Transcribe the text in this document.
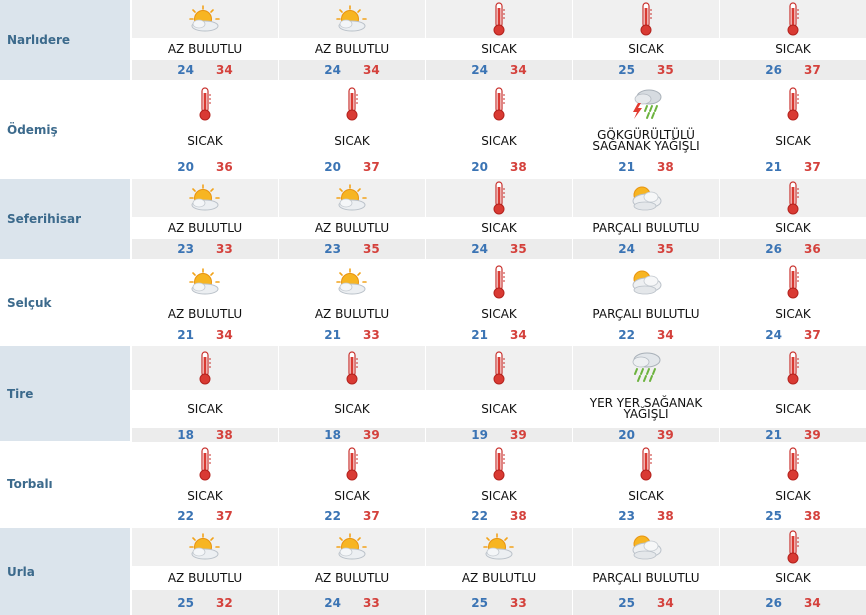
Narlıdere
AZ BULUTLU
24 34
AZ BULUTLU
24 34
SICAK
24 34
SICAK
25 35
SICAK
26 37
Ödemiş
SICAK
20 36
SICAK
20 37
SICAK
20 38
GÖKGÜRÜLTÜLÜ SAĞANAK YAĞIŞLI
21 38
SICAK
21 37
Seferihisar
AZ BULUTLU
23 33
AZ BULUTLU
23 35
SICAK
24 35
PARÇALI BULUTLU
24 35
SICAK
26 36
Selçuk
AZ BULUTLU
21 34
AZ BULUTLU
21 33
SICAK
21 34
PARÇALI BULUTLU
22 34
SICAK
24 37
Tire
SICAK
18 38
SICAK
18 39
SICAK
19 39
YER YER SAĞANAK YAĞIŞLI
20 39
SICAK
21 39
Torbalı
SICAK
22 37
SICAK
22 37
SICAK
22 38
SICAK
23 38
SICAK
25 38
Urla	AZ BULUTLU
25 32
AZ BULUTLU
24 33
AZ BULUTLU
25 33
PARÇALI BULUTLU
25 34
SICAK
26 34
